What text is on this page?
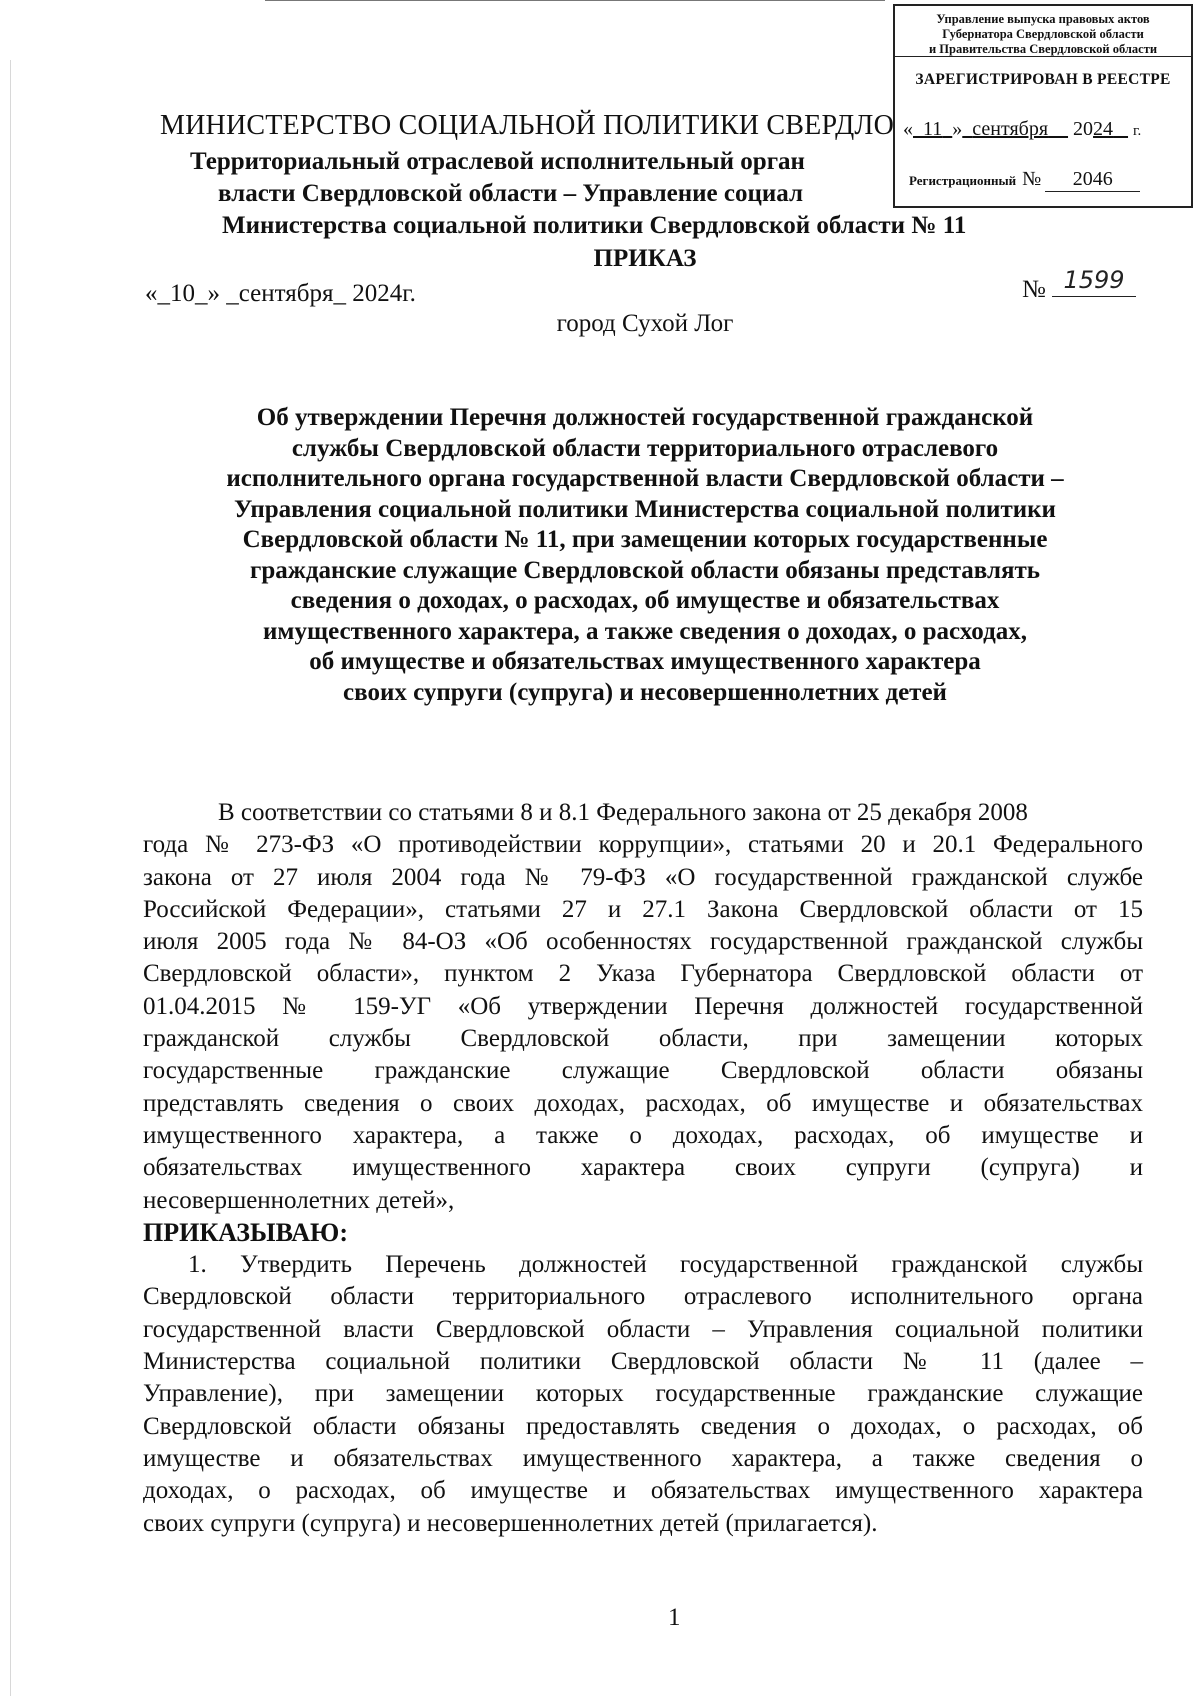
Управление выпуска правовых актов
Губернатора Свердловской области
и Правительства Свердловской области
ЗАРЕГИСТРИРОВАН В РЕЕСТРЕ
« 11 » сентября 2024 г.
Регистрационный № 2046
МИНИСТЕРСТВО СОЦИАЛЬНОЙ ПОЛИТИКИ СВЕРДЛО
Территориальный отраслевой исполнительный орган
власти Свердловской области – Управление социал
Министерства социальной политики Свердловской области № 11
ПРИКАЗ
«_10_» _сентября_ 2024г.	№ 1599
город Сухой Лог
Об утверждении Перечня должностей государственной гражданской
службы Свердловской области территориального отраслевого
исполнительного органа государственной власти Свердловской области –
Управления социальной политики Министерства социальной политики
Свердловской области № 11, при замещении которых государственные
гражданские служащие Свердловской области обязаны представлять
сведения о доходах, о расходах, об имуществе и обязательствах
имущественного характера, а также сведения о доходах, о расходах,
об имуществе и обязательствах имущественного характера
своих супруги (супруга) и несовершеннолетних детей
В соответствии со статьями 8 и 8.1 Федерального закона от 25 декабря 2008
года № 273-ФЗ «О противодействии коррупции», статьями 20 и 20.1 Федерального
закона от 27 июля 2004 года № 79-ФЗ «О государственной гражданской службе
Российской Федерации», статьями 27 и 27.1 Закона Свердловской области от 15
июля 2005 года № 84-ОЗ «Об особенностях государственной гражданской службы
Свердловской области», пунктом 2 Указа Губернатора Свердловской области от
01.04.2015 № 159-УГ «Об утверждении Перечня должностей государственной
гражданской службы Свердловской области, при замещении которых
государственные гражданские служащие Свердловской области обязаны
представлять сведения о своих доходах, расходах, об имуществе и обязательствах
имущественного характера, а также о доходах, расходах, об имуществе и
обязательствах имущественного характера своих супруги (супруга) и
несовершеннолетних детей»,
ПРИКАЗЫВАЮ:
1. Утвердить Перечень должностей государственной гражданской службы
Свердловской области территориального отраслевого исполнительного органа
государственной власти Свердловской области – Управления социальной политики
Министерства социальной политики Свердловской области № 11 (далее –
Управление), при замещении которых государственные гражданские служащие
Свердловской области обязаны предоставлять сведения о доходах, о расходах, об
имуществе и обязательствах имущественного характера, а также сведения о
доходах, о расходах, об имуществе и обязательствах имущественного характера
своих супруги (супруга) и несовершеннолетних детей (прилагается).
1
